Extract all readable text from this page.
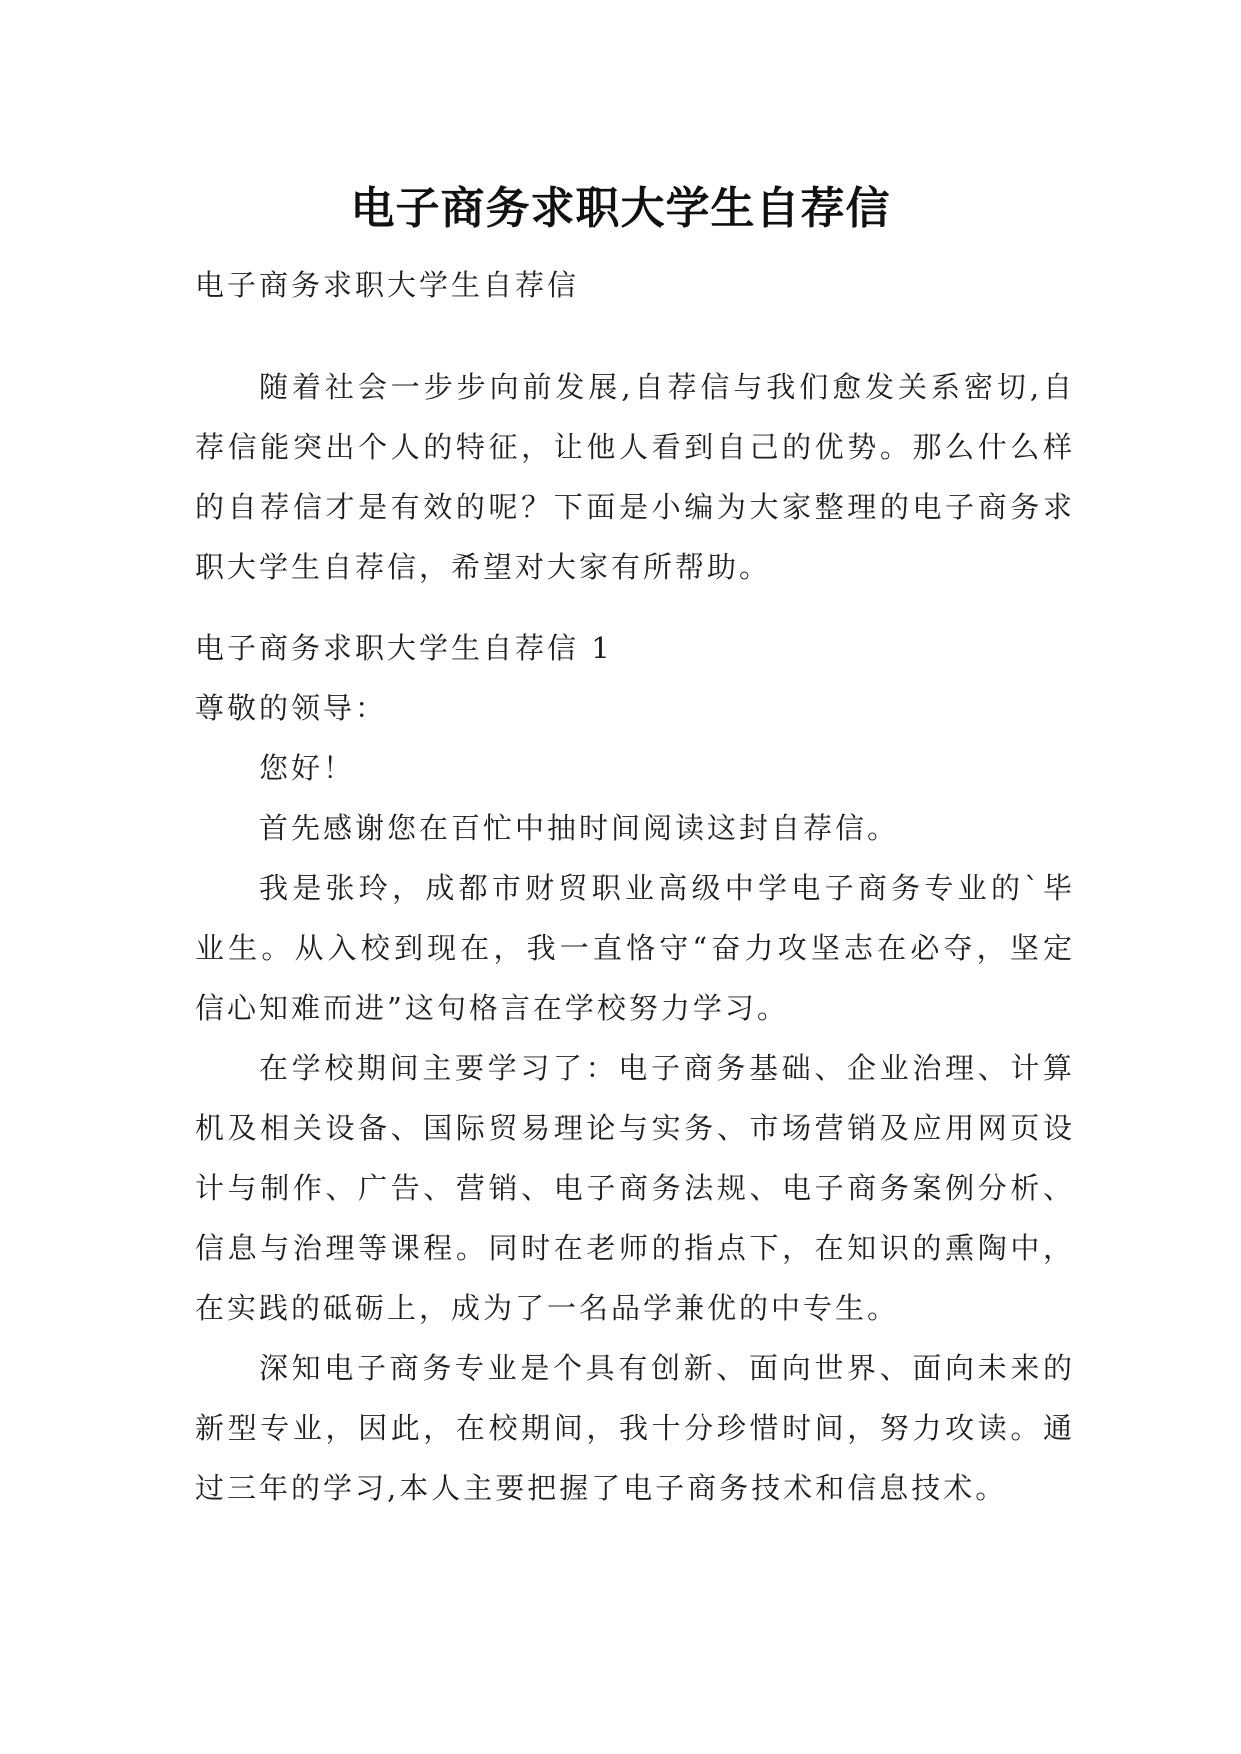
电子商务求职大学生自荐信

电子商务求职大学生自荐信

随着社会一步步向前发展,自荐信与我们愈发关系密切,自荐信能突出个人的特征，让他人看到自己的优势。那么什么样的自荐信才是有效的呢？下面是小编为大家整理的电子商务求职大学生自荐信，希望对大家有所帮助。

电子商务求职大学生自荐信 1

尊敬的领导：

您好！

首先感谢您在百忙中抽时间阅读这封自荐信。

我是张玲，成都市财贸职业高级中学电子商务专业的`毕业生。从入校到现在，我一直恪守“奋力攻坚志在必夺，坚定信心知难而进”这句格言在学校努力学习。

在学校期间主要学习了：电子商务基础、企业治理、计算机及相关设备、国际贸易理论与实务、市场营销及应用网页设计与制作、广告、营销、电子商务法规、电子商务案例分析、信息与治理等课程。同时在老师的指点下，在知识的熏陶中，在实践的砥砺上，成为了一名品学兼优的中专生。

深知电子商务专业是个具有创新、面向世界、面向未来的新型专业，因此，在校期间，我十分珍惜时间，努力攻读。通过三年的学习,本人主要把握了电子商务技术和信息技术。
